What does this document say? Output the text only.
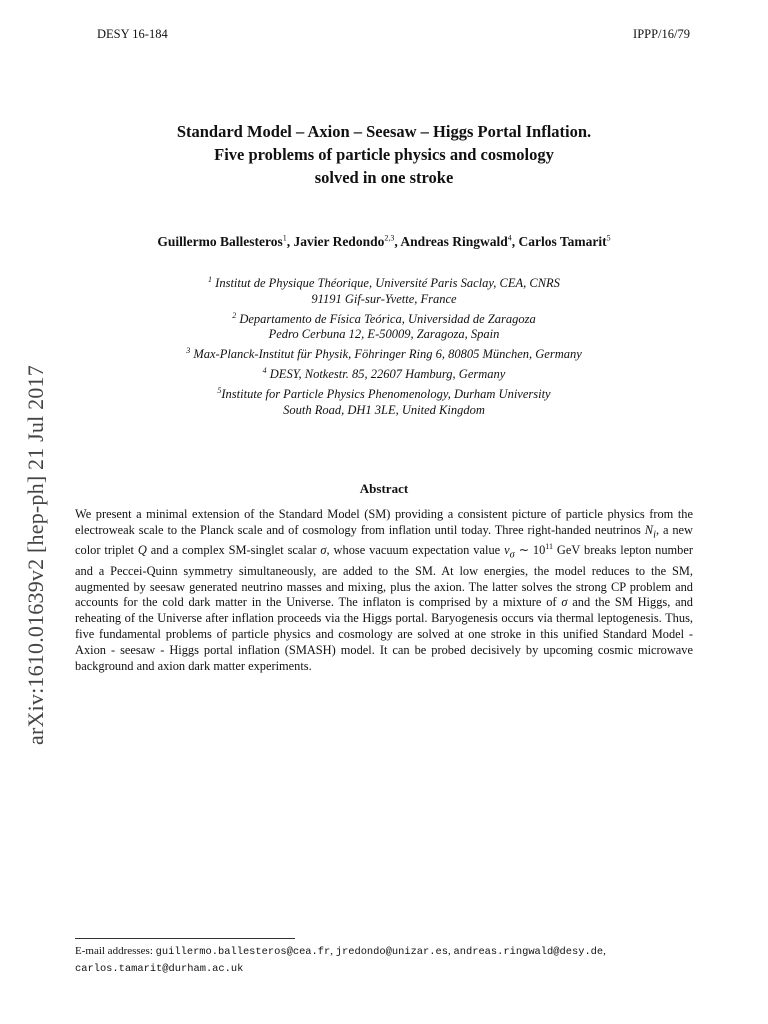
DESY 16-184	IPPP/16/79
arXiv:1610.01639v2 [hep-ph] 21 Jul 2017
Standard Model – Axion – Seesaw – Higgs Portal Inflation.
Five problems of particle physics and cosmology
solved in one stroke
Guillermo Ballesteros$^1$, Javier Redondo$^{2,3}$, Andreas Ringwald$^4$, Carlos Tamarit$^5$
$^1$ Institut de Physique Théorique, Université Paris Saclay, CEA, CNRS
91191 Gif-sur-Yvette, France
$^2$ Departamento de Física Teórica, Universidad de Zaragoza
Pedro Cerbuna 12, E-50009, Zaragoza, Spain
$^3$ Max-Planck-Institut für Physik, Föhringer Ring 6, 80805 München, Germany
$^4$ DESY, Notkestr. 85, 22607 Hamburg, Germany
$^5$Institute for Particle Physics Phenomenology, Durham University
South Road, DH1 3LE, United Kingdom
Abstract
We present a minimal extension of the Standard Model (SM) providing a consistent picture of particle physics from the electroweak scale to the Planck scale and of cosmology from inflation until today. Three right-handed neutrinos $N_i$, a new color triplet Q and a complex SM-singlet scalar σ, whose vacuum expectation value $v_\sigma$ ∼ $10^{11}$ GeV breaks lepton number and a Peccei-Quinn symmetry simultaneously, are added to the SM. At low energies, the model reduces to the SM, augmented by seesaw generated neutrino masses and mixing, plus the axion. The latter solves the strong CP problem and accounts for the cold dark matter in the Universe. The inflaton is comprised by a mixture of σ and the SM Higgs, and reheating of the Universe after inflation proceeds via the Higgs portal. Baryogenesis occurs via thermal leptogenesis. Thus, five fundamental problems of particle physics and cosmology are solved at one stroke in this unified Standard Model - Axion - seesaw - Higgs portal inflation (SMASH) model. It can be probed decisively by upcoming cosmic microwave background and axion dark matter experiments.
E-mail addresses: guillermo.ballesteros@cea.fr, jredondo@unizar.es, andreas.ringwald@desy.de,
carlos.tamarit@durham.ac.uk
